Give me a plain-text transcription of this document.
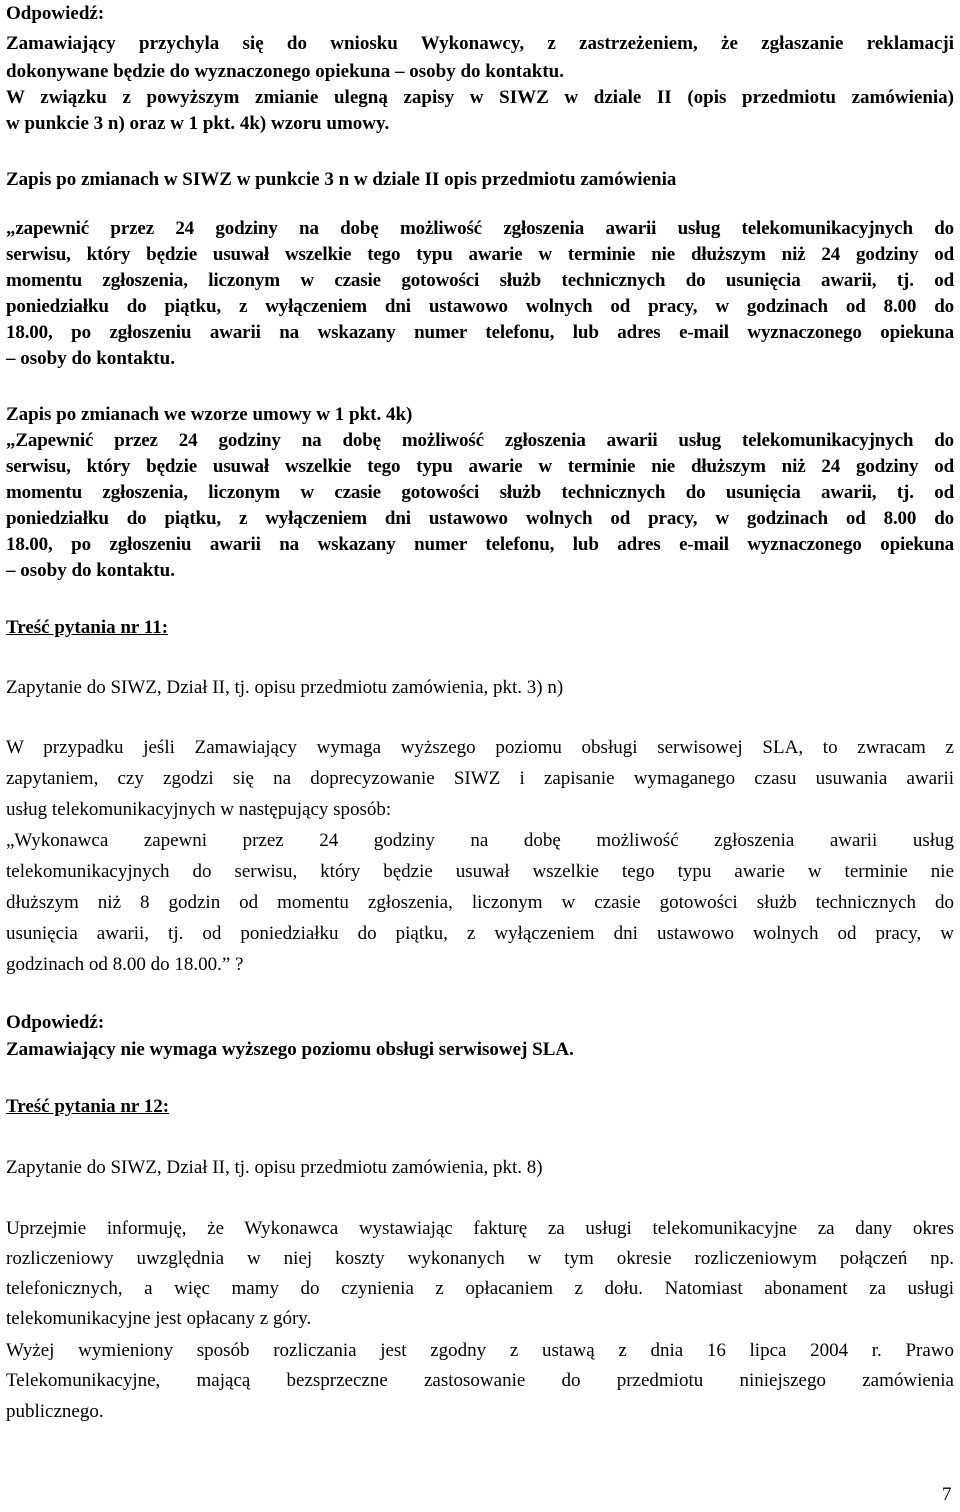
Odpowiedź:
Zamawiający przychyla się do wniosku Wykonawcy, z zastrzeżeniem, że zgłaszanie reklamacji
dokonywane będzie do wyznaczonego opiekuna – osoby do kontaktu.
W związku z powyższym zmianie ulegną zapisy w SIWZ w dziale II (opis przedmiotu zamówienia)
w punkcie 3 n) oraz w 1 pkt. 4k) wzoru umowy.
Zapis po zmianach w SIWZ w punkcie 3 n w dziale II opis przedmiotu zamówienia
„zapewnić przez 24 godziny na dobę możliwość zgłoszenia awarii usług telekomunikacyjnych do
serwisu, który będzie usuwał wszelkie tego typu awarie w terminie nie dłuższym niż 24 godziny od
momentu zgłoszenia, liczonym w czasie gotowości służb technicznych do usunięcia awarii, tj. od
poniedziałku do piątku, z wyłączeniem dni ustawowo wolnych od pracy, w godzinach od 8.00 do
18.00, po zgłoszeniu awarii na wskazany numer telefonu, lub adres e-mail wyznaczonego opiekuna
– osoby do kontaktu.
Zapis po zmianach we wzorze umowy w 1 pkt. 4k)
„Zapewnić przez 24 godziny na dobę możliwość zgłoszenia awarii usług telekomunikacyjnych do
serwisu, który będzie usuwał wszelkie tego typu awarie w terminie nie dłuższym niż 24 godziny od
momentu zgłoszenia, liczonym w czasie gotowości służb technicznych do usunięcia awarii, tj. od
poniedziałku do piątku, z wyłączeniem dni ustawowo wolnych od pracy, w godzinach od 8.00 do
18.00, po zgłoszeniu awarii na wskazany numer telefonu, lub adres e-mail wyznaczonego opiekuna
– osoby do kontaktu.
Treść pytania nr 11:
Zapytanie do SIWZ, Dział II, tj. opisu przedmiotu zamówienia, pkt. 3) n)
W przypadku jeśli Zamawiający wymaga wyższego poziomu obsługi serwisowej SLA, to zwracam z
zapytaniem, czy zgodzi się na doprecyzowanie SIWZ i zapisanie wymaganego czasu usuwania awarii
usług telekomunikacyjnych w następujący sposób:
„Wykonawca zapewni przez 24 godziny na dobę możliwość zgłoszenia awarii usług
telekomunikacyjnych do serwisu, który będzie usuwał wszelkie tego typu awarie w terminie nie
dłuższym niż 8 godzin od momentu zgłoszenia, liczonym w czasie gotowości służb technicznych do
usunięcia awarii, tj. od poniedziałku do piątku, z wyłączeniem dni ustawowo wolnych od pracy, w
godzinach od 8.00 do 18.00.” ?
Odpowiedź:
Zamawiający nie wymaga wyższego poziomu obsługi serwisowej SLA.
Treść pytania nr 12:
Zapytanie do SIWZ, Dział II, tj. opisu przedmiotu zamówienia, pkt. 8)
Uprzejmie informuję, że Wykonawca wystawiając fakturę za usługi telekomunikacyjne za dany okres
rozliczeniowy uwzględnia w niej koszty wykonanych w tym okresie rozliczeniowym połączeń np.
telefonicznych, a więc mamy do czynienia z opłacaniem z dołu. Natomiast abonament za usługi
telekomunikacyjne jest opłacany z góry.
Wyżej wymieniony sposób rozliczania jest zgodny z ustawą z dnia 16 lipca 2004 r. Prawo
Telekomunikacyjne, mającą bezsprzeczne zastosowanie do przedmiotu niniejszego zamówienia
publicznego.
7
